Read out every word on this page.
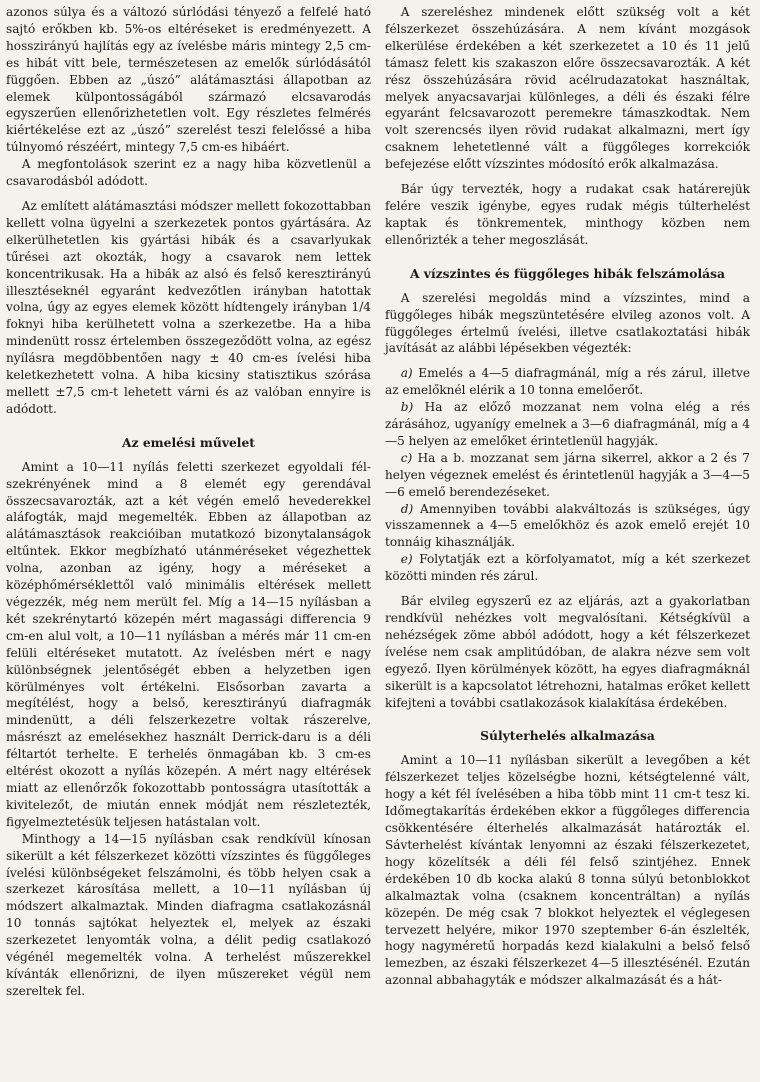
azonos súlya és a változó súrlódási tényező a felfelé ható sajtó erőkben kb. 5%-os eltéréseket is eredményezett. A hosszirányú hajlítás egy az ívelésbe máris mintegy 2,5 cm-es hibát vitt bele, természetesen az emelők súrlódásától függően. Ebben az „úszó” alátámasztási állapotban az elemek külpontosságából származó elcsavarodás egyszerűen ellenőrizhetetlen volt. Egy részletes felmérés kiértékelése ezt az „úszó” szerelést teszi felelőssé a hiba túlnyomó részéért, mintegy 7,5 cm-es hibáért.

A megfontolások szerint ez a nagy hiba közvetlenül a csavarodásból adódott.

Az említett alátámasztási módszer mellett fokozottabban kellett volna ügyelni a szerkezetek pontos gyártására. Az elkerülhetetlen kis gyártási hibák és a csavarlyukak tűrései azt okozták, hogy a csavarok nem lettek koncentrikusak. Ha a hibák az alsó és felső keresztirányú illesztéseknél egyaránt kedvezőtlen irányban hatottak volna, úgy az egyes elemek között hídtengely irányban 1/4 foknyi hiba kerülhetett volna a szerkezetbe. Ha a hiba mindenütt rossz értelemben összegeződött volna, az egész nyílásra megdöbbentően nagy ± 40 cm-es ívelési hiba keletkezhetett volna. A hiba kicsiny statisztikus szórása mellett ±7,5 cm-t lehetett várni és az valóban ennyire is adódott.

Az emelési művelet

Amint a 10—11 nyílás feletti szerkezet egyoldali fél-szekrényének mind a 8 elemét egy gerendával összecsavarozták, azt a két végén emelő hevederekkel aláfogták, majd megemelték. Ebben az állapotban az alátámasztások reakcióiban mutatkozó bizonytalanságok eltűntek. Ekkor megbízható utánméréseket végezhettek volna, azonban az igény, hogy a méréseket a középhőmérséklettől való minimális eltérések mellett végezzék, még nem merült fel. Míg a 14—15 nyílásban a két szekrénytartó közepén mért magassági differencia 9 cm-en alul volt, a 10—11 nyílásban a mérés már 11 cm-en felüli eltéréseket mutatott. Az ívelésben mért e nagy különbségnek jelentőségét ebben a helyzetben igen körülményes volt értékelni. Elsősorban zavarta a megítélést, hogy a belső, keresztirányú diafragmák mindenütt, a déli felszerkezetre voltak rászerelve, másrészt az emelésekhez használt Derrick-daru is a déli féltartót terhelte. E terhelés önmagában kb. 3 cm-es eltérést okozott a nyílás közepén. A mért nagy eltérések miatt az ellenőrzők fokozottabb pontosságra utasították a kivitelezőt, de miután ennek módját nem részletezték, figyelmeztetésük teljesen hatástalan volt.

Minthogy a 14—15 nyílásban csak rendkívül kínosan sikerült a két félszerkezet közötti vízszintes és függőleges ívelési különbségeket felszámolni, és több helyen csak a szerkezet károsítása mellett, a 10—11 nyílásban új módszert alkalmaztak. Minden diafragma csatlakozásnál 10 tonnás sajtókat helyeztek el, melyek az északi szerkezetet lenyomták volna, a délit pedig csatlakozó végénél megemelték volna. A terhelést műszerekkel kívánták ellenőrizni, de ilyen műszereket végül nem szereltek fel.

A szereléshez mindenek előtt szükség volt a két félszerkezet összehúzására. A nem kívánt mozgások elkerülése érdekében a két szerkezetet a 10 és 11 jelű támasz felett kis szakaszon előre összecsavarozták. A két rész összehúzására rövid acélrudazatokat használtak, melyek anyacsavarjai különleges, a déli és északi félre egyaránt felcsavarozott peremekre támaszkodtak. Nem volt szerencsés ilyen rövid rudakat alkalmazni, mert így csaknem lehetetlenné vált a függőleges korrekciók befejezése előtt vízszintes módosító erők alkalmazása.

Bár úgy tervezték, hogy a rudakat csak határerejük felére veszik igénybe, egyes rudak mégis túlterhelést kaptak és tönkrementek, minthogy közben nem ellenőrizték a teher megoszlását.

A vízszintes és függőleges hibák felszámolása

A szerelési megoldás mind a vízszintes, mind a függőleges hibák megszüntetésére elvileg azonos volt. A függőleges értelmű ívelési, illetve csatlakoztatási hibák javítását az alábbi lépésekben végezték:

a) Emelés a 4—5 diafragmánál, míg a rés zárul, illetve az emelőknél elérik a 10 tonna emelőerőt.

b) Ha az előző mozzanat nem volna elég a rés zárásához, ugyanígy emelnek a 3—6 diafragmánál, míg a 4—5 helyen az emelőket érintetlenül hagyják.

c) Ha a b. mozzanat sem járna sikerrel, akkor a 2 és 7 helyen végeznek emelést és érintetlenül hagyják a 3—4—5—6 emelő berendezéseket.

d) Amennyiben további alakváltozás is szükséges, úgy visszamennek a 4—5 emelőkhöz és azok emelő erejét 10 tonnáig kihasználják.

e) Folytatják ezt a körfolyamatot, míg a két szerkezet közötti minden rés zárul.

Bár elvileg egyszerű ez az eljárás, azt a gyakorlatban rendkívül nehézkes volt megvalósítani. Kétségkívül a nehézségek zöme abból adódott, hogy a két félszerkezet ívelése nem csak amplitúdóban, de alakra nézve sem volt egyező. Ilyen körülmények között, ha egyes diafragmáknál sikerült is a kapcsolatot létrehozni, hatalmas erőket kellett kifejteni a további csatlakozások kialakítása érdekében.

Súlyterhelés alkalmazása

Amint a 10—11 nyílásban sikerült a levegőben a két félszerkezet teljes közelségbe hozni, kétségtelenné vált, hogy a két fél ívelésében a hiba több mint 11 cm-t tesz ki. Időmegtakarítás érdekében ekkor a függőleges differencia csökkentésére élterhelés alkalmazását határozták el. Sávterhelést kívántak lenyomni az északi félszerkezetet, hogy közelítsék a déli fél felső szintjéhez. Ennek érdekében 10 db kocka alakú 8 tonna súlyú betonblokkot alkalmaztak volna (csaknem koncentráltan) a nyílás közepén. De még csak 7 blokkot helyeztek el véglegesen tervezett helyére, mikor 1970 szeptember 6-án észlelték, hogy nagyméretű horpadás kezd kialakulni a belső felső lemezben, az északi félszerkezet 4—5 illesztésénél. Ezután azonnal abbahagyták e módszer alkalmazását és a hát-
